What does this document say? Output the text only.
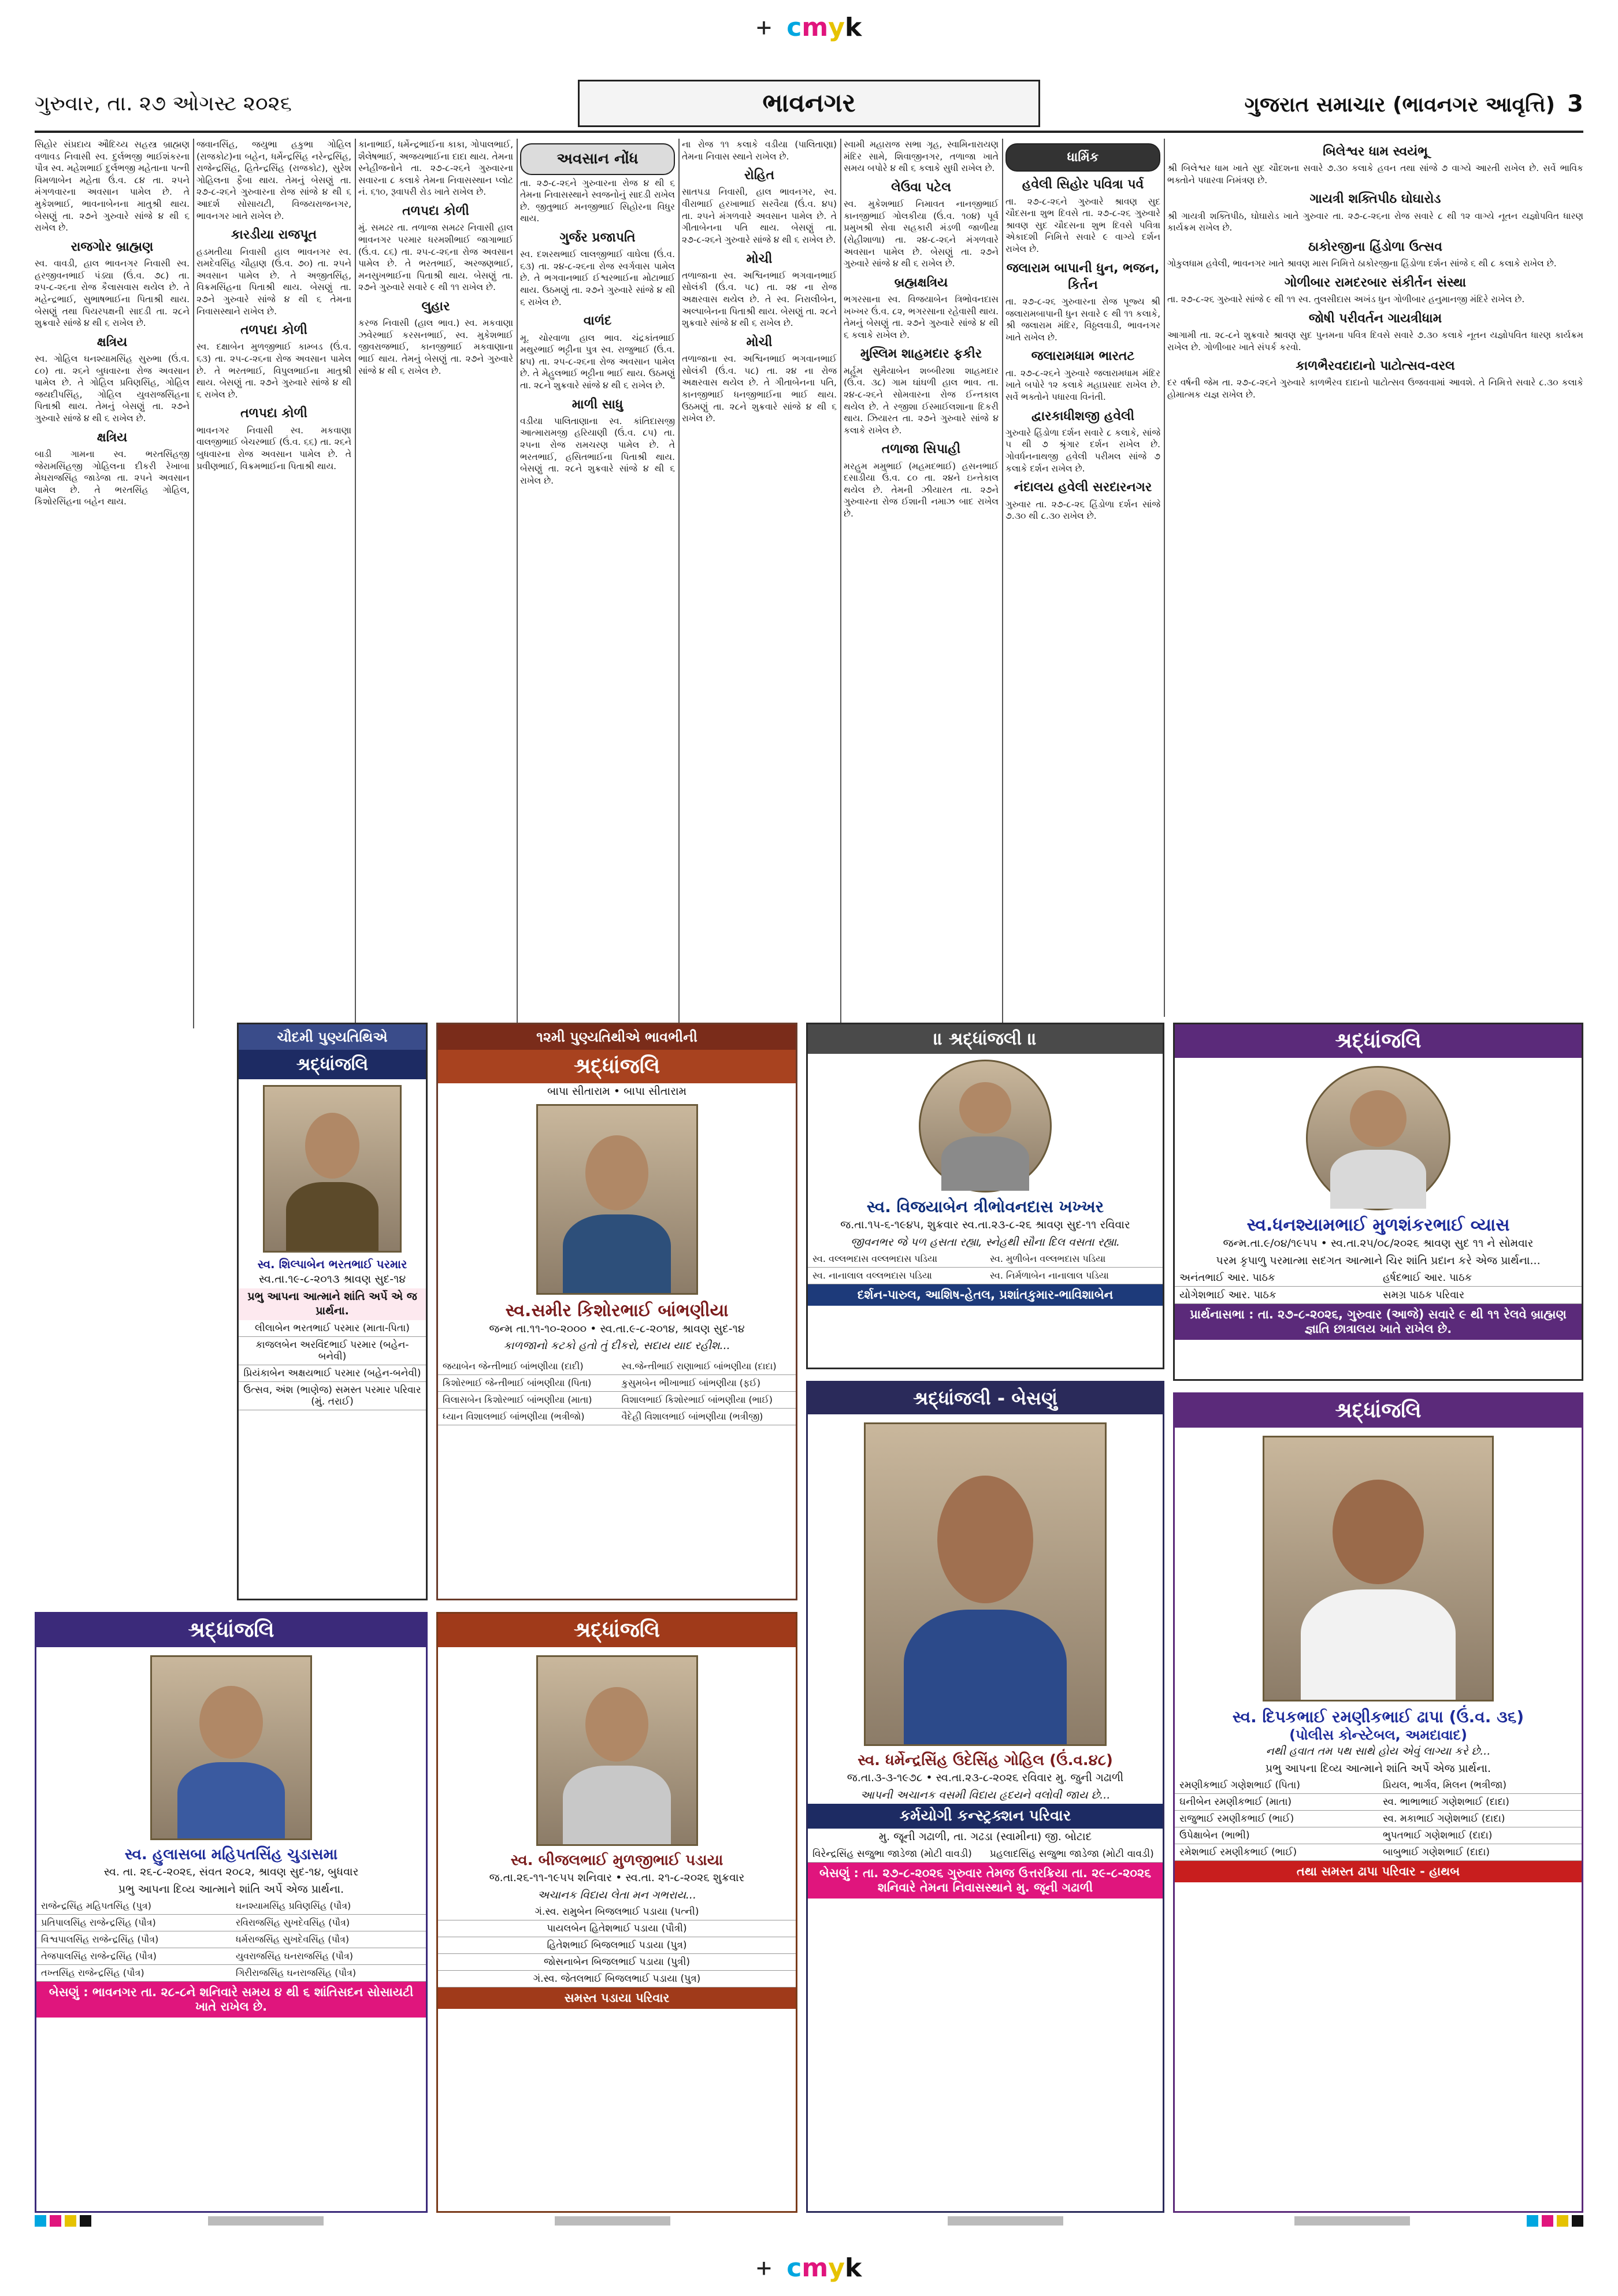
+ cmyk
ગુરુવાર, તા. ૨૭ ઓગસ્ટ ૨૦૨૬	ગુજરાત સમાચાર (ભાવનગર આવૃત્તિ) 3
ભાવનગર

સિહોર સંપ્રદાય ઔદિચ્ય સહસ્ત્ર બ્રાહ્મણ વળાવડ નિવાસી સ્વ. દુર્લભજી ભાઈશંકરના પૌત્ર સ્વ. મહેશભાઈ દુર્લભજી મહેતાના પત્ની વિમળાબેન મહેતા ઉં.વ. ૮૪ તા. ૨૫ને મંગળવારના અવસાન પામેલ છે. તે મુકેશભાઈ, ભાવનાબેનના માતુશ્રી થાય. બેસણું તા. ૨૭ને ગુરુવારે સાંજે ૪ થી ૬ રાખેલ છે.

રાજગોર બ્રાહ્મણ

સ્વ. વાવડી, હાલ ભાવનગર નિવાસી સ્વ. હરજીવનભાઈ પંડ્યા (ઉં.વ. ૭૮) તા. ૨૫-૮-૨૬ના રોજ કૈલાસવાસ થયેલ છે. તે મહેન્દ્રભાઈ, સુભાષભાઈના પિતાશ્રી થાય. બેસણું તથા પિયરપક્ષની સાદડી તા. ૨૮ને શુક્રવારે સાંજે ૪ થી ૬ રાખેલ છે.

ક્ષત્રિય

સ્વ. ગોહિલ ઘનશ્યામસિંહ સુરુભા (ઉં.વ. ૮૦) તા. ૨૬ને બુધવારના રોજ અવસાન પામેલ છે. તે ગોહિલ પ્રવિણસિંહ, ગોહિલ જયદીપસિંહ, ગોહિલ યુવરાજસિંહના પિતાશ્રી થાય. તેમનું બેસણું તા. ૨૭ને ગુરુવારે સાંજે ૪ થી ૬ રાખેલ છે.

ક્ષત્રિય

બાડી ગામના સ્વ. ભરતસિંહજી જેરામસિંહજી ગોહિલના દીકરી રેખાબા મેઘરાજસિંહ જાડેજા તા. ૨૫ને અવસાન પામેલ છે. તે ભરતસિંહ ગોહિલ, કિશોરસિંહના બહેન થાય.

જવાનસિંહ, જયુભા હકુભા ગોહિલ (રાજકોટ)ના બહેન, ધર્મેન્દ્રસિંહ નરેન્દ્રસિંહ, રાજેન્દ્રસિંહ, હિતેન્દ્રસિંહ (રાજકોટ), સુરેશ ગોહિલના ફૈબા થાય. તેમનું બેસણું તા. ૨૭-૮-૨૬ને ગુરુવારના રોજ સાંજે ૪ થી ૬ આદર્શ સોસાયટી, વિજયરાજનગર, ભાવનગર ખાતે રાખેલ છે.

કારડીયા રાજપૂત

હડમતીયા નિવાસી હાલ ભાવનગર સ્વ. રામદેવસિંહ ચૌહાણ (ઉં.વ. ૭૦) તા. ૨૫ને અવસાન પામેલ છે. તે અજીતસિંહ, વિક્રમસિંહના પિતાશ્રી થાય. બેસણું તા. ૨૭ને ગુરુવારે સાંજે ૪ થી ૬ તેમના નિવાસસ્થાને રાખેલ છે.

તળપદા કોળી

સ્વ. દક્ષાબેન મુળજીભાઈ કામ્બડ (ઉં.વ. ૬૩) તા. ૨૫-૮-૨૬ના રોજ અવસાન પામેલ છે. તે ભરતભાઈ, વિપુલભાઈના માતુશ્રી થાય. બેસણું તા. ૨૭ને ગુરુવારે સાંજે ૪ થી ૬ રાખેલ છે.

તળપદા કોળી

ભાવનગર નિવાસી સ્વ. મકવાણા વાલજીભાઈ બેચરભાઈ (ઉં.વ. ૬૬) તા. ૨૬ને બુધવારના રોજ અવસાન પામેલ છે. તે પ્રવીણભાઈ, વિક્રમભાઈના પિતાશ્રી થાય.

કાનાભાઈ, ધર્મેન્દ્રભાઈના કાકા, ગોપાલભાઈ, શૈલેષભાઈ, અજયભાઈના દાદા થાય. તેમના સ્નેહીજનોને તા. ૨૭-૮-૨૬ને ગુરુવારના સવારના ૮ કલાકે તેમના નિવાસસ્થાન પ્લોટ નં. ૬૧૦, રૂવાપરી રોડ ખાતે રાખેલ છે.

તળપદા કોળી

મું. સમઢર તા. તળાજા સમઢર નિવાસી હાલ ભાવનગર પરમાર ધરમશીભાઈ જાગાભાઈ (ઉં.વ. ૮૬) તા. ૨૫-૮-૨૬ના રોજ અવસાન પામેલ છે. તે ભરતભાઈ, અરજણભાઈ, મનસુખભાઈના પિતાશ્રી થાય. બેસણું તા. ૨૭ને ગુરુવારે સવારે ૯ થી ૧૧ રાખેલ છે.

લુહાર

કરજ નિવાસી (હાલ ભાવ.) સ્વ. મકવાણા ઝવેરભાઈ કરસનભાઈ, સ્વ. મુકેશભાઈ જીવરાજભાઈ, કાનજીભાઈ મકવાણાના ભાઈ થાય. તેમનું બેસણું તા. ૨૭ને ગુરુવારે સાંજે ૪ થી ૬ રાખેલ છે.

અવસાન નોંધ

તા. ૨૭-૮-૨૬ને ગુરુવારના રોજ ૪ થી ૬ તેમના નિવાસસ્થાને સ્વજનોનું સાદડી રાખેલ છે. જીતુભાઈ મનજીભાઈ સિહોરના વિધુર થાય.

ગુર્જર પ્રજાપતિ

સ્વ. દશરથભાઈ લાલજીભાઈ વાઘેલા (ઉં.વ. ૬૩) તા. ૨૪-૮-૨૬ના રોજ સ્વર્ગવાસ પામેલ છે. તે ભગવાનભાઈ ઈશ્વરભાઈના મોટાભાઈ થાય. ઉઠમણું તા. ૨૭ને ગુરુવારે સાંજે ૪ થી ૬ રાખેલ છે.

વાળંદ

મૂ. ચોરવાળા હાલ ભાવ. ચંદ્રકાંતભાઈ મથુરભાઈ ભટ્ટીના પુત્ર સ્વ. રાજુભાઈ (ઉં.વ. ૪૫) તા. ૨૫-૮-૨૬ના રોજ અવસાન પામેલ છે. તે મેહુલભાઈ ભટ્ટીના ભાઈ થાય. ઉઠમણું તા. ૨૮ને શુક્રવારે સાંજે ૪ થી ૬ રાખેલ છે.

માળી સાધુ

વડીયા પાલિતાણાના સ્વ. કાંતિદાસજી આત્મારામજી હરિયાણી (ઉં.વ. ૮૫) તા. ૨૫ના રોજ રામચરણ પામેલ છે. તે ભરતભાઈ, હસિતભાઈના પિતાશ્રી થાય. બેસણું તા. ૨૮ને શુક્રવારે સાંજે ૪ થી ૬ રાખેલ છે.

ના રોજ ૧૧ કલાકે વડીયા (પાલિતાણા) તેમના નિવાસ સ્થાને રાખેલ છે.

રોહિત

સાતપડા નિવાસી, હાલ ભાવનગર, સ્વ. વીરાભાઈ હરખાભાઈ સરવૈયા (ઉં.વ. ૪૫) તા. ૨૫ને મંગળવારે અવસાન પામેલ છે. તે ગીતાબેનના પતિ થાય. બેસણું તા. ૨૭-૮-૨૬ને ગુરુવારે સાંજે ૪ થી ૬ રાખેલ છે.

મોચી

તળાજાના સ્વ. અશ્વિનભાઈ ભગવાનભાઈ સોલંકી (ઉં.વ. ૫૮) તા. ૨૪ ના રોજ અક્ષરવાસ થયેલ છે. તે સ્વ. નિરાલીબેન, અલ્પાબેનના પિતાશ્રી થાય. બેસણું તા. ૨૮ને શુક્રવારે સાંજે ૪ થી ૬ રાખેલ છે.

મોચી

તળાજાના સ્વ. અશ્વિનભાઈ ભગવાનભાઈ સોલંકી (ઉં.વ. ૫૮) તા. ૨૪ ના રોજ અક્ષરવાસ થયેલ છે. તે ગીતાબેનના પતિ, કાનજીભાઈ ધનજીભાઈના ભાઈ થાય. ઉઠમણું તા. ૨૮ને શુક્રવારે સાંજે ૪ થી ૬ રાખેલ છે.

સ્વામી મહારાજ સભા ગૃહ, સ્વામિનારાયણ મંદિર સામે, શિવાજીનગર, તળાજા ખાતે સમય બપોરે ૪ થી ૬ કલાકે સુધી રાખેલ છે.

લેઉવા પટેલ

સ્વ. મુકેશભાઈ નિમાવત નાનજીભાઈ કાનજીભાઈ ગોલકીયા (ઉં.વ. ૧૦૪) પૂર્વ પ્રમુખશ્રી સેવા સહકારી મંડળી જાળીયા (રોહીશાળા) તા. ૨૪-૮-૨૬ને મંગળવારે અવસાન પામેલ છે. બેસણું તા. ૨૭ને ગુરુવારે સાંજે ૪ થી ૬ રાખેલ છે.

બ્રહ્મક્ષત્રિય

ભગરસાના સ્વ. વિજયાબેન ત્રિભોવનદાસ ખખ્ખર ઉં.વ. ૮૨, ભગરસાના રહેવાસી થાય. તેમનું બેસણું તા. ૨૭ને ગુરુવારે સાંજે ૪ થી ૬ કલાકે રાખેલ છે.

મુસ્લિમ શાહમદાર ફકીર

મર્હૂમ સુમૈયાબેન શબ્બીરશા શાહમદાર (ઉં.વ. ૩૮) ગામ ઘાંઘળી હાલ ભાવ. તા. ૨૪-૮-૨૬ને સોમવારના રોજ ઈન્તકાલ થયેલ છે. તે રજીશા ઈસ્માઈલશાના દિકરી થાય. ઝિયારત તા. ૨૭ને ગુરુવારે સાંજે ૪ કલાકે રાખેલ છે.

તળાજા સિપાહી

મરહુમ મમુભાઈ (મહમદભાઈ) હસનભાઈ દસાડીયા ઉં.વ. ૮૦ તા. ૨૪ને ઇન્તેકાલ થયેલ છે. તેમની ઝીયારત તા. ૨૭ને ગુરુવારના રોજ ઈશાની નમાઝ બાદ રાખેલ છે.

ધાર્મિક
હવેલી સિહોર પવિત્રા પર્વ

તા. ૨૭-૮-૨૬ને ગુરુવારે શ્રાવણ સુદ ચૌદસના શુભ દિવસે તા. ૨૭-૮-૨૬ ગુરુવારે શ્રાવણ સુદ ચૌદસના શુભ દિવસે પવિત્રા એકાદશી નિમિત્તે સવારે ૯ વાગ્યે દર્શન રાખેલ છે.

જલારામ બાપાની ધુન, ભજન, કિર્તન

તા. ૨૭-૮-૨૬ ગુરુવારના રોજ પૂજ્ય શ્રી જલારામબાપાની ધુન સવારે ૯ થી ૧૧ કલાકે, શ્રી જલારામ મંદિર, વિઠ્ઠલવાડી, ભાવનગર ખાતે રાખેલ છે.

જલારામધામ ભારતટ

તા. ૨૭-૮-૨૬ને ગુરુવારે જલારામધામ મંદિર ખાતે બપોરે ૧૨ કલાકે મહાપ્રસાદ રાખેલ છે. સર્વે ભક્તોને પધારવા વિનંતી.

દ્વારકાધીશજી હવેલી

ગુરુવારે હિંડોળા દર્શન સવારે ૮ કલાકે, સાંજે ૫ થી ૭ શ્રૃંગાર દર્શન રાખેલ છે. ગોવર્ધનનાથજી હવેલી પરીમલ સાંજે ૭ કલાકે દર્શન રાખેલ છે.

નંદાલય હવેલી સરદારનગર

ગુરુવાર તા. ૨૭-૮-૨૬ હિંડોળા દર્શન સાંજે ૭.૩૦ થી ૮.૩૦ રાખેલ છે.

બિલેશ્વર ધામ સ્વયંભૂ

શ્રી બિલેશ્વર ધામ ખાતે સુદ ચૌદશના સવારે ૭.૩૦ કલાકે હવન તથા સાંજે ૭ વાગ્યે આરતી રાખેલ છે. સર્વે ભાવિક ભક્તોને પધારવા નિમંત્રણ છે.

ગાયત્રી શક્તિપીઠ ઘોઘારોડ

શ્રી ગાયત્રી શક્તિપીઠ, ઘોઘારોડ ખાતે ગુરુવાર તા. ૨૭-૮-૨૬ના રોજ સવારે ૮ થી ૧૨ વાગ્યે નૂતન યજ્ઞોપવિત ધારણ કાર્યક્રમ રાખેલ છે.

ઠાકોરજીના હિંડોળા ઉત્સવ

ગોકુલધામ હવેલી, ભાવનગર ખાતે શ્રાવણ માસ નિમિત્તે ઠાકોરજીના હિંડોળા દર્શન સાંજે ૬ થી ૮ કલાકે રાખેલ છે.

ગોળીબાર રામદરબાર સંકીર્તન સંસ્થા

તા. ૨૭-૮-૨૬ ગુરુવારે સાંજે ૯ થી ૧૧ સ્વ. તુલસીદાસ અખંડ ધુન ગોળીબાર હનુમાનજી મંદિરે રાખેલ છે.

જોષી પરીવર્તન ગાયત્રીધામ

આગામી તા. ૨૮-૮ને શુક્રવારે શ્રાવણ સુદ પુનમના પવિત્ર દિવસે સવારે ૭.૩૦ કલાકે નૂતન યજ્ઞોપવિત ધારણ કાર્યક્રમ રાખેલ છે. ગોળીબાર ખાતે સંપર્ક કરવો.

કાળભૈરવદાદાનો પાટોત્સવ-વરલ

દર વર્ષની જેમ તા. ૨૭-૮-૨૬ને ગુરુવારે કાળભૈરવ દાદાનો પાટોત્સવ ઉજવવામાં આવશે. તે નિમિત્તે સવારે ૮.૩૦ કલાકે હોમાત્મક યજ્ઞ રાખેલ છે.

ચૌદમી પુણ્યતિથિએ
શ્રદ્ધાંજલિ
સ્વ. શિલ્પાબેન ભરતભાઈ પરમાર
સ્વ.તા.૧૯-૮-૨૦૧૩ શ્રાવણ સુદ-૧૪
પ્રભુ આપના આત્માને શાંતિ અર્પે એ જ પ્રાર્થના.
લીલાબેન ભરતભાઈ પરમાર (માતા-પિતા)
કાજલબેન અરવિંદભાઈ પરમાર (બહેન-બનેવી)
પ્રિયંકાબેન અક્ષયભાઈ પરમાર (બહેન-બનેવી)
ઉત્સવ, અંશ (ભાણેજ) સમસ્ત પરમાર પરિવાર (મું. તરાઈ)
૧૨મી પુણ્યતિથીએ ભાવભીની
શ્રદ્ધાંજલિ
બાપા સીતારામ • બાપા સીતારામ
સ્વ.સમીર કિશોરભાઈ બાંભણીયા
જન્મ તા.૧૧-૧૦-૨૦૦૦ • સ્વ.તા.૯-૮-૨૦૧૪, શ્રાવણ સુદ-૧૪
કાળજાનો કટકો હતો તું દીકરો, સદાય યાદ રહીશ...
જયાબેન જેન્તીભાઈ બાંભણીયા (દાદી)	સ્વ.જેન્તીભાઈ રાણાભાઈ બાંભણીયા (દાદા)
કિશોરભાઈ જેન્તીભાઈ બાંભણીયા (પિતા)	કુસુમબેન ભીખાભાઈ બાંભણીયા (ફઈ)
વિલાસબેન કિશોરભાઈ બાંભણીયા (માતા)	વિશાલભાઈ કિશોરભાઈ બાંભણીયા (ભાઈ)
ધ્યાન વિશાલભાઈ બાંભણીયા (ભત્રીજો)	વૈદેહી વિશાલભાઈ બાંભણીયા (ભત્રીજી)
॥ શ્રદ્ધાંજલી ॥
સ્વ. વિજયાબેન ત્રીભોવનદાસ ખખ્ખર
જ.તા.૧૫-૬-૧૯૪૫, શુક્રવાર સ્વ.તા.૨૩-૮-૨૬ શ્રાવણ સુદ-૧૧ રવિવાર
જીવનભર જે પળ હસતા રહ્યા, સ્નેહથી સૌના દિલ વસતા રહ્યા.
સ્વ. વલ્લભદાસ વલ્લભદાસ પડિયા	સ્વ. મુળીબેન વલ્લભદાસ પડિયા
સ્વ. નાનાલાલ વલ્લભદાસ પડિયા	સ્વ. નિર્મળાબેન નાનાલાલ પડિયા
દર્શન-પારુલ, આશિષ-હેતલ, પ્રશાંતકુમાર-ભાવિશાબેન
શ્રદ્ધાંજલિ
સ્વ.ધનશ્યામભાઈ મુળશંકરભાઈ વ્યાસ
જન્મ.તા.૯/૦૪/૧૯૫૫ • સ્વ.તા.૨૫/૦૮/૨૦૨૬ શ્રાવણ સુદ ૧૧ ને સોમવાર
પરમ કૃપાળુ પરમાત્મા સદગત આત્માને ચિર શાંતિ પ્રદાન કરે એજ પ્રાર્થના...
અનંતભાઈ આર. પાઠક	હર્ષદભાઈ આર. પાઠક
યોગેશભાઈ આર. પાઠક	સમગ્ર પાઠક પરિવાર
પ્રાર્થનાસભા : તા. ૨૭-૮-૨૦૨૬, ગુરુવાર (આજે) સવારે ૯ થી ૧૧ રેલવે બ્રાહ્મણ જ્ઞાતિ છાત્રાલય ખાતે રાખેલ છે.
શ્રદ્ધાંજલિ
સ્વ. હુલાસબા મહિપતસિંહ ચુડાસમા
સ્વ. તા. ૨૬-૮-૨૦૨૬, સંવત ૨૦૮૨, શ્રાવણ સુદ-૧૪, બુધવાર
પ્રભુ આપના દિવ્ય આત્માને શાંતિ અર્પે એજ પ્રાર્થના.
રાજેન્દ્રસિંહ મહિપતસિંહ (પુત્ર)	ઘનશ્યામસિંહ પ્રવિણસિંહ (પૌત્ર)
પ્રતિપાલસિંહ રાજેન્દ્રસિંહ (પૌત્ર)	રવિરાજસિંહ સુખદેવસિંહ (પૌત્ર)
વિશ્વપાલસિંહ રાજેન્દ્રસિંહ (પૌત્ર)	ધર્મરાજસિંહ સુખદેવસિંહ (પૌત્ર)
તેજપાલસિંહ રાજેન્દ્રસિંહ (પૌત્ર)	યુવરાજસિંહ ઘનરાજસિંહ (પૌત્ર)
તખ્તસિંહ રાજેન્દ્રસિંહ (પૌત્ર)	ગિરીરાજસિંહ ઘનરાજસિંહ (પૌત્ર)
બેસણું : ભાવનગર તા. ૨૮-૮ને શનિવારે સમય ૪ થી ૬ શાંતિસદન સોસાયટી ખાતે રાખેલ છે.
શ્રદ્ધાંજલિ
સ્વ. બીજલભાઈ મુળજીભાઈ પડાયા
જ.તા.૨૬-૧૧-૧૯૫૫ શનિવાર • સ્વ.તા. ૨૧-૮-૨૦૨૬ શુક્રવાર
અચાનક વિદાય લેતા મન ગભરાય...
ગં.સ્વ. રામુબેન બિજલભાઈ પડાયા (પત્ની)
પાયલબેન હિતેશભાઈ પડાયા (પૌત્રી)
હિતેશભાઈ બિજલભાઈ પડાયા (પુત્ર)
જોસનાબેન બિજલભાઈ પડાયા (પુત્રી)
ગં.સ્વ. જેતલભાઈ બિજલભાઈ પડાયા (પુત્ર)
સમસ્ત પડાયા પરિવાર
શ્રદ્ધાંજલી - બેસણું
સ્વ. ધર્મેન્દ્રસિંહ ઉદેસિંહ ગોહિલ (ઉં.વ.૪૮)
જ.તા.૩-૩-૧૯૭૮ • સ્વ.તા.૨૩-૮-૨૦૨૬ રવિવાર મુ. જુની ગઢાળી
આપની અચાનક વસમી વિદાય હૃદયને વલોવી જાય છે...
કર્મયોગી કન્સ્ટ્રક્શન પરિવાર
મુ. જૂની ગઢાળી, તા. ગઢડા (સ્વામીના) જી. બોટાદ
વિરેન્દ્રસિંહ સજુભા જાડેજા (મોટી વાવડી)	પ્રહલાદસિંહ સજુભા જાડેજા (મોટી વાવડી)
બેસણું : તા. ૨૭-૮-૨૦૨૬ ગુરુવાર તેમજ ઉત્તરક્રિયા તા. ૨૯-૮-૨૦૨૬ શનિવારે તેમના નિવાસસ્થાને મુ. જૂની ગઢાળી
શ્રદ્ધાંજલિ
સ્વ. દિપકભાઈ રમણીકભાઈ ઢાપા (ઉં.વ. ૩૬)
(પોલીસ કોન્સ્ટેબલ, અમદાવાદ)
નથી હવાત તમ પથ સાથે હોય એવું લાગ્યા કરે છે...
પ્રભુ આપના દિવ્ય આત્માને શાંતિ અર્પે એજ પ્રાર્થના.
રમણીકભાઈ ગણેશભાઈ (પિતા)	પ્રિયલ, ભાર્ગવ, મિલન (ભત્રીજા)
ઘનીબેન રમણીકભાઈ (માતા)	સ્વ. ભાભાભાઈ ગણેશભાઈ (દાદા)
રાજુભાઈ રમણીકભાઈ (ભાઈ)	સ્વ. મકાભાઈ ગણેશભાઈ (દાદા)
ઉપેક્ષાબેન (ભાભી)	ભુપતભાઈ ગણેશભાઈ (દાદા)
રમેશભાઈ રમણીકભાઈ (ભાઈ)	બાબુભાઈ ગણેશભાઈ (દાદા)
તથા સમસ્ત ઢાપા પરિવાર - હાથબ
+ cmyk
